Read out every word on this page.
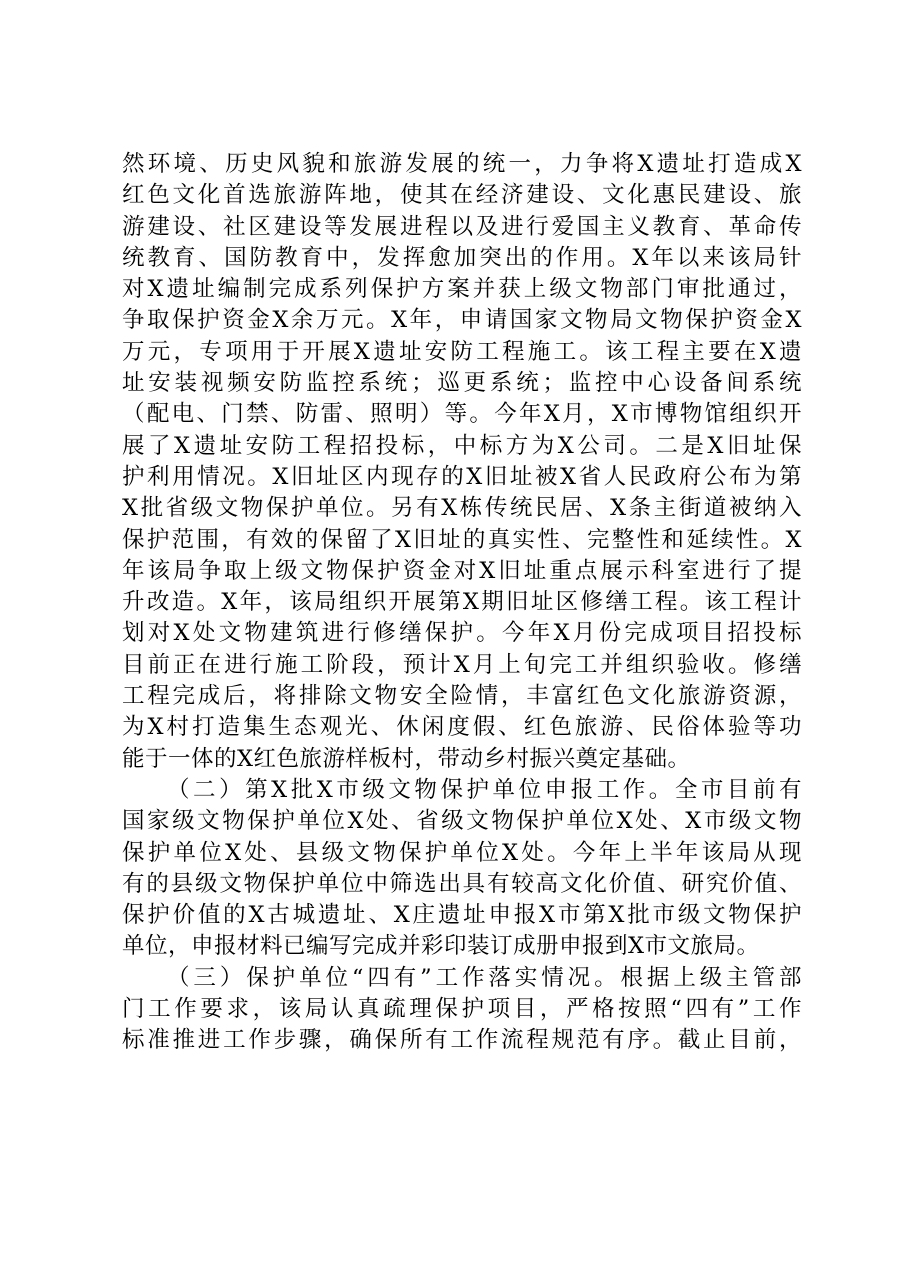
然环境、历史风貌和旅游发展的统一，力争将X遗址打造成X
红色文化首选旅游阵地，使其在经济建设、文化惠民建设、旅
游建设、社区建设等发展进程以及进行爱国主义教育、革命传
统教育、国防教育中，发挥愈加突出的作用。X年以来该局针
对X遗址编制完成系列保护方案并获上级文物部门审批通过，
争取保护资金X余万元。X年，申请国家文物局文物保护资金X
万元，专项用于开展X遗址安防工程施工。该工程主要在X遗
址安装视频安防监控系统；巡更系统；监控中心设备间系统
（配电、门禁、防雷、照明）等。今年X月，X市博物馆组织开
展了X遗址安防工程招投标，中标方为X公司。二是X旧址保
护利用情况。X旧址区内现存的X旧址被X省人民政府公布为第
X批省级文物保护单位。另有X栋传统民居、X条主街道被纳入
保护范围，有效的保留了X旧址的真实性、完整性和延续性。X
年该局争取上级文物保护资金对X旧址重点展示科室进行了提
升改造。X年，该局组织开展第X期旧址区修缮工程。该工程计
划对X处文物建筑进行修缮保护。今年X月份完成项目招投标
目前正在进行施工阶段，预计X月上旬完工并组织验收。修缮
工程完成后，将排除文物安全险情，丰富红色文化旅游资源，
为X村打造集生态观光、休闲度假、红色旅游、民俗体验等功
能于一体的X红色旅游样板村，带动乡村振兴奠定基础。
（二）第X批X市级文物保护单位申报工作。全市目前有
国家级文物保护单位X处、省级文物保护单位X处、X市级文物
保护单位X处、县级文物保护单位X处。今年上半年该局从现
有的县级文物保护单位中筛选出具有较高文化价值、研究价值、
保护价值的X古城遗址、X庄遗址申报X市第X批市级文物保护
单位，申报材料已编写完成并彩印装订成册申报到X市文旅局。
（三）保护单位“四有”工作落实情况。根据上级主管部
门工作要求，该局认真疏理保护项目，严格按照“四有”工作
标准推进工作步骤，确保所有工作流程规范有序。截止目前，
